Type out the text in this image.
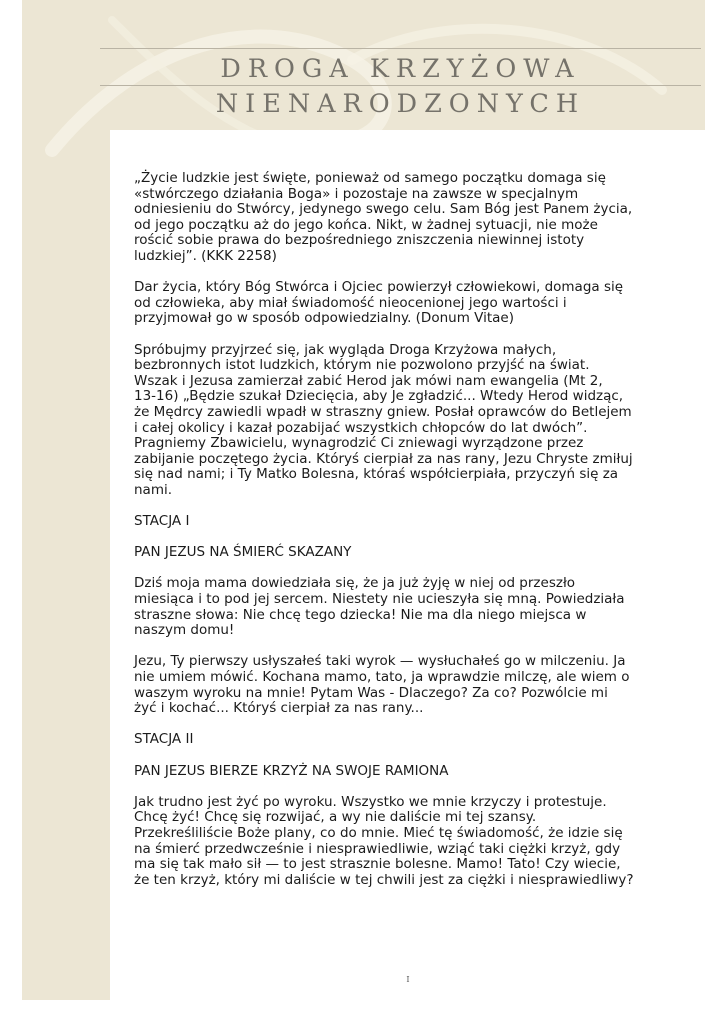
DROGA KRZYŻOWA
NIENARODZONYCH

„Życie ludzkie jest święte, ponieważ od samego początku domaga się
«stwórczego działania Boga» i pozostaje na zawsze w specjalnym
odniesieniu do Stwórcy, jedynego swego celu. Sam Bóg jest Panem życia,
od jego początku aż do jego końca. Nikt, w żadnej sytuacji, nie może
rościć sobie prawa do bezpośredniego zniszczenia niewinnej istoty
ludzkiej”. (KKK 2258)

Dar życia, który Bóg Stwórca i Ojciec powierzył człowiekowi, domaga się
od człowieka, aby miał świadomość nieocenionej jego wartości i
przyjmował go w sposób odpowiedzialny. (Donum Vitae)

Spróbujmy przyjrzeć się, jak wygląda Droga Krzyżowa małych,
bezbronnych istot ludzkich, którym nie pozwolono przyjść na świat.
Wszak i Jezusa zamierzał zabić Herod jak mówi nam ewangelia (Mt 2,
13-16) „Będzie szukał Dziecięcia, aby Je zgładzić... Wtedy Herod widząc,
że Mędrcy zawiedli wpadł w straszny gniew. Posłał oprawców do Betlejem
i całej okolicy i kazał pozabijać wszystkich chłopców do lat dwóch”.
Pragniemy Zbawicielu, wynagrodzić Ci zniewagi wyrządzone przez
zabijanie poczętego życia. Któryś cierpiał za nas rany, Jezu Chryste zmiłuj
się nad nami; i Ty Matko Bolesna, któraś współcierpiała, przyczyń się za
nami.

STACJA I

PAN JEZUS NA ŚMIERĆ SKAZANY

Dziś moja mama dowiedziała się, że ja już żyję w niej od przeszło
miesiąca i to pod jej sercem. Niestety nie ucieszyła się mną. Powiedziała
straszne słowa: Nie chcę tego dziecka! Nie ma dla niego miejsca w
naszym domu!

Jezu, Ty pierwszy usłyszałeś taki wyrok — wysłuchałeś go w milczeniu. Ja
nie umiem mówić. Kochana mamo, tato, ja wprawdzie milczę, ale wiem o
waszym wyroku na mnie! Pytam Was - Dlaczego? Za co? Pozwólcie mi
żyć i kochać... Któryś cierpiał za nas rany...

STACJA II

PAN JEZUS BIERZE KRZYŻ NA SWOJE RAMIONA

Jak trudno jest żyć po wyroku. Wszystko we mnie krzyczy i protestuje.
Chcę żyć! Chcę się rozwijać, a wy nie daliście mi tej szansy.
Przekreśliliście Boże plany, co do mnie. Mieć tę świadomość, że idzie się
na śmierć przedwcześnie i niesprawiedliwie, wziąć taki ciężki krzyż, gdy
ma się tak mało sił — to jest strasznie bolesne. Mamo! Tato! Czy wiecie,
że ten krzyż, który mi daliście w tej chwili jest za ciężki i niesprawiedliwy?

I
